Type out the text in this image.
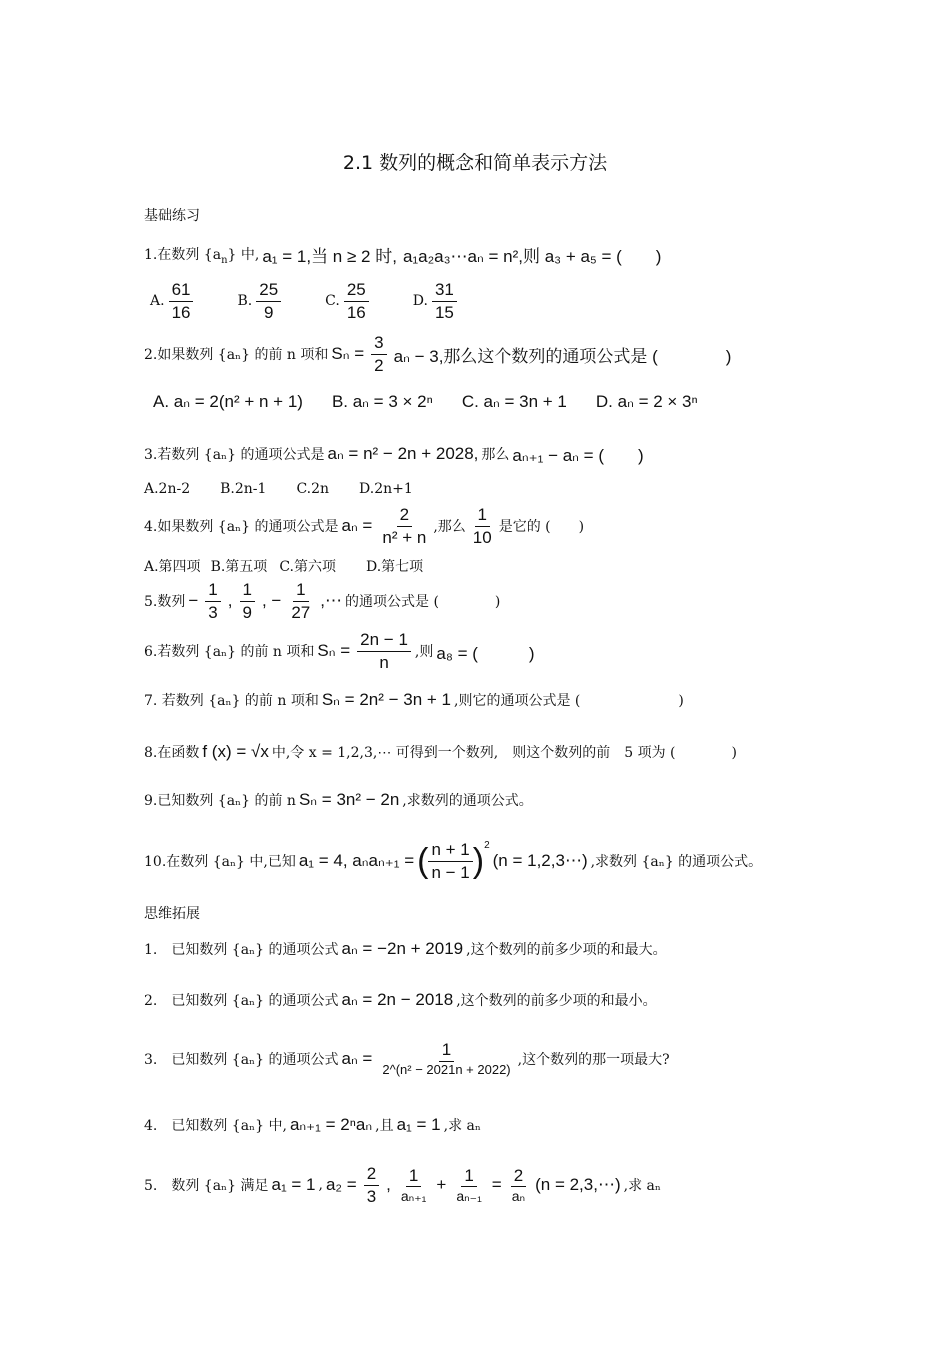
2.1 数列的概念和简单表示方法
基础练习
1.在数列 $\{a_n\}$ 中, a₁ = 1,当 n ≥ 2 时, a₁a₂a₃⋯aₙ = n²,则 a₃ + a₅ = (　　)
A. $\frac{61}{16}$	B. $\frac{25}{9}$	C. $\frac{25}{16}$	D. $\frac{31}{15}$
2.如果数列 {aₙ} 的前 n 项和 $S_n = \frac{3}{2}$ aₙ − 3,那么这个数列的通项公式是 (　　　　)
A. aₙ = 2(n² + n + 1) B. aₙ = 3 × 2ⁿ C. aₙ = 3n + 1 D. aₙ = 2 × 3ⁿ
3.若数列 {aₙ} 的通项公式是 aₙ = n² − 2n + 2028, 那么 aₙ₊₁ − aₙ = (　　)
A.2n-2 B.2n-1 C.2n D.2n+1
4.如果数列 {aₙ} 的通项公式是 $a_n = \frac{2}{\text{n² + n}}$ ,那么 $\frac{1}{10}$ 是它的 (　　)
A.第四项 B.第五项 C.第六项 D.第七项
5.数列 − $\frac{1}{3}$ , $\frac{1}{9}$ , − $\frac{1}{27}$ ,⋯ 的通项公式是 (　　　　)
6.若数列 {aₙ} 的前 n 项和 $S_n = \frac{2n - 1}{n}$ ,则 a₈ = (　　　)
7. 若数列 {aₙ} 的前 n 项和 Sₙ = 2n² − 3n + 1 ,则它的通项公式是 (　　　　　　　)
8.在函数 f (x) = √x 中,令 x = 1,2,3,⋯ 可得到一个数列,　则这个数列的前　5 项为 (　　　　)
9.已知数列 {aₙ} 的前 n Sₙ = 3n² − 2n ,求数列的通项公式。
10.在数列 {aₙ} 中,已知 a₁ = 4, aₙaₙ₊₁ = ( $\frac{n + 1}{n - 1} )^2$
(n = 1,2,3⋯) ,求数列 {aₙ} 的通项公式。
思维拓展
1.　已知数列 {aₙ} 的通项公式 aₙ = −2n + 2019 ,这个数列的前多少项的和最大。
2.　已知数列 {aₙ} 的通项公式 aₙ = 2n − 2018 ,这个数列的前多少项的和最小。
3.　已知数列 {aₙ} 的通项公式 $a_n = \frac{1}{\text{2\textasciicircum{}(n² − 2021n + 2022)}}$ ,这个数列的那一项最大?
4.　已知数列 {aₙ} 中, aₙ₊₁ = 2ⁿaₙ ,且 a₁ = 1 ,求 aₙ
5.　数列 {aₙ} 满足 a₁ = 1 , $a_2 = \frac{2}{3}$ , $\frac{1}{\text{aₙ₊₁}} + \frac{1}{\text{aₙ₋₁}} = \frac{2}{\text{aₙ}} (n$ = 2,3,⋯) ,求 aₙ
